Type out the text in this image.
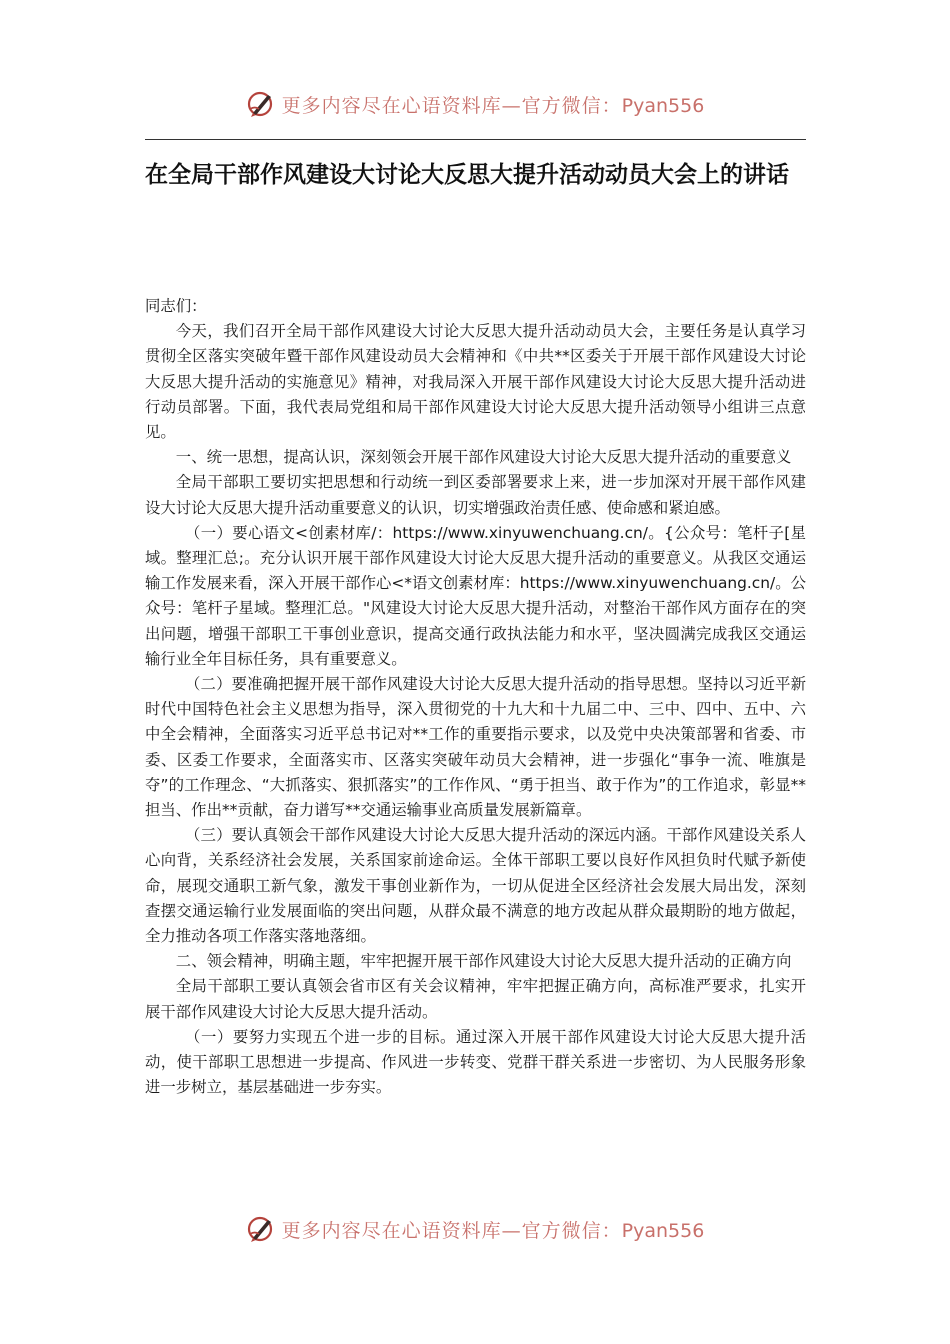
更多内容尽在心语资料库—官方微信：Pyan556
在全局干部作风建设大讨论大反思大提升活动动员大会上的讲话

同志们：

今天，我们召开全局干部作风建设大讨论大反思大提升活动动员大会，主要任务是认真学习贯彻全区落实突破年暨干部作风建设动员大会精神和《中共**区委关于开展干部作风建设大讨论大反思大提升活动的实施意见》精神，对我局深入开展干部作风建设大讨论大反思大提升活动进行动员部署。下面，我代表局党组和局干部作风建设大讨论大反思大提升活动领导小组讲三点意见。

一、统一思想，提高认识，深刻领会开展干部作风建设大讨论大反思大提升活动的重要意义

全局干部职工要切实把思想和行动统一到区委部署要求上来，进一步加深对开展干部作风建设大讨论大反思大提升活动重要意义的认识，切实增强政治责任感、使命感和紧迫感。

（一）要心语文<创素材库/：https://www.xinyuwenchuang.cn/。{公众号：笔杆子[星域。整理汇总;。充分认识开展干部作风建设大讨论大反思大提升活动的重要意义。从我区交通运输工作发展来看，深入开展干部作心<*语文创素材库：https://www.xinyuwenchuang.cn/。公众号：笔杆子星域。整理汇总。"风建设大讨论大反思大提升活动，对整治干部作风方面存在的突出问题，增强干部职工干事创业意识，提高交通行政执法能力和水平，坚决圆满完成我区交通运输行业全年目标任务，具有重要意义。

（二）要准确把握开展干部作风建设大讨论大反思大提升活动的指导思想。坚持以习近平新时代中国特色社会主义思想为指导，深入贯彻党的十九大和十九届二中、三中、四中、五中、六中全会精神，全面落实习近平总书记对**工作的重要指示要求，以及党中央决策部署和省委、市委、区委工作要求，全面落实市、区落实突破年动员大会精神，进一步强化“事争一流、唯旗是夺”的工作理念、“大抓落实、狠抓落实”的工作作风、“勇于担当、敢于作为”的工作追求，彰显**担当、作出**贡献，奋力谱写**交通运输事业高质量发展新篇章。

（三）要认真领会干部作风建设大讨论大反思大提升活动的深远内涵。干部作风建设关系人心向背，关系经济社会发展，关系国家前途命运。全体干部职工要以良好作风担负时代赋予新使命，展现交通职工新气象，激发干事创业新作为，一切从促进全区经济社会发展大局出发，深刻查摆交通运输行业发展面临的突出问题，从群众最不满意的地方改起从群众最期盼的地方做起，全力推动各项工作落实落地落细。

二、领会精神，明确主题，牢牢把握开展干部作风建设大讨论大反思大提升活动的正确方向

全局干部职工要认真领会省市区有关会议精神，牢牢把握正确方向，高标准严要求，扎实开展干部作风建设大讨论大反思大提升活动。

（一）要努力实现五个进一步的目标。通过深入开展干部作风建设大讨论大反思大提升活动，使干部职工思想进一步提高、作风进一步转变、党群干群关系进一步密切、为人民服务形象进一步树立，基层基础进一步夯实。

更多内容尽在心语资料库—官方微信：Pyan556
